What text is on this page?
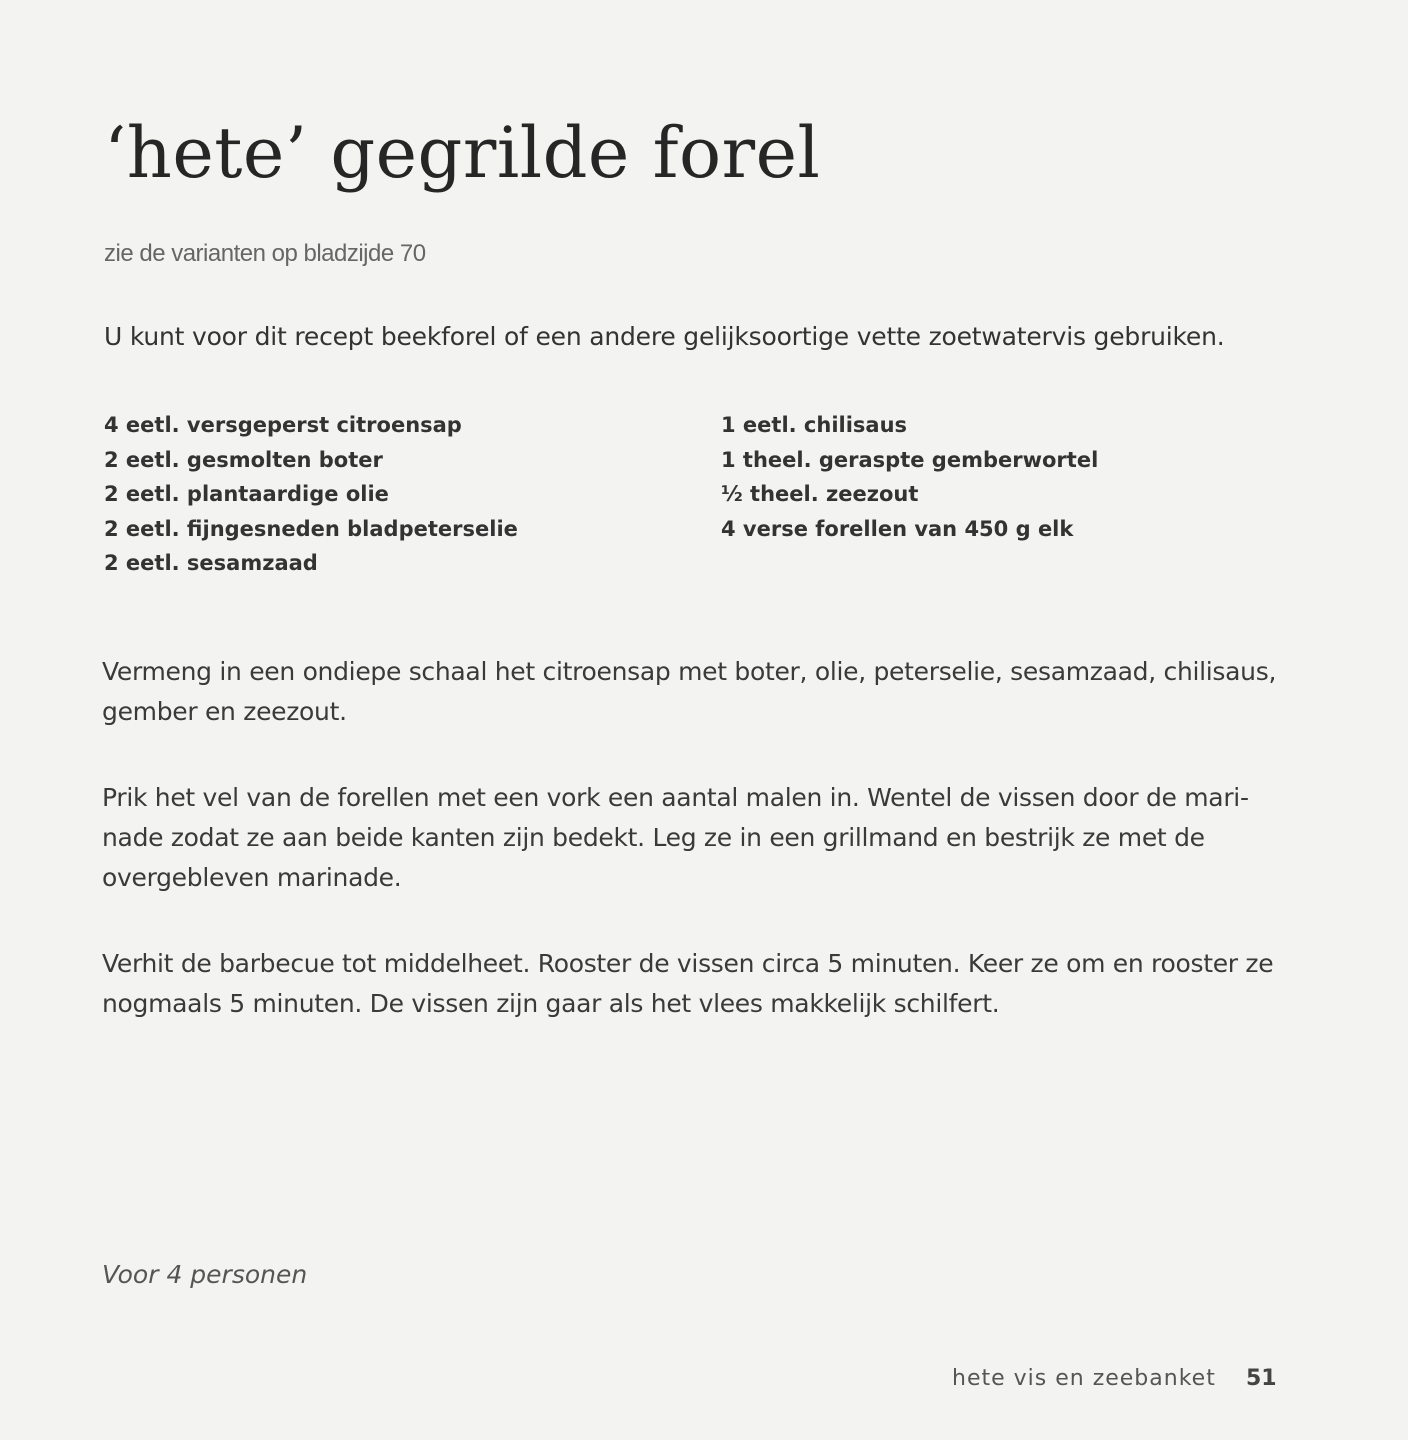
‘hete’ gegrilde forel
zie de varianten op bladzijde 70
U kunt voor dit recept beekforel of een andere gelijksoortige vette zoetwatervis gebruiken.
4 eetl. versgeperst citroensap
2 eetl. gesmolten boter
2 eetl. plantaardige olie
2 eetl. fijngesneden bladpeterselie
2 eetl. sesamzaad
1 eetl. chilisaus
1 theel. geraspte gemberwortel
½ theel. zeezout
4 verse forellen van 450 g elk
Vermeng in een ondiepe schaal het citroensap met boter, olie, peterselie, sesamzaad, chilisaus,
gember en zeezout.
Prik het vel van de forellen met een vork een aantal malen in. Wentel de vissen door de mari-
nade zodat ze aan beide kanten zijn bedekt. Leg ze in een grillmand en bestrijk ze met de
overgebleven marinade.
Verhit de barbecue tot middelheet. Rooster de vissen circa 5 minuten. Keer ze om en rooster ze
nogmaals 5 minuten. De vissen zijn gaar als het vlees makkelijk schilfert.
Voor 4 personen
hete vis en zeebanket 51
